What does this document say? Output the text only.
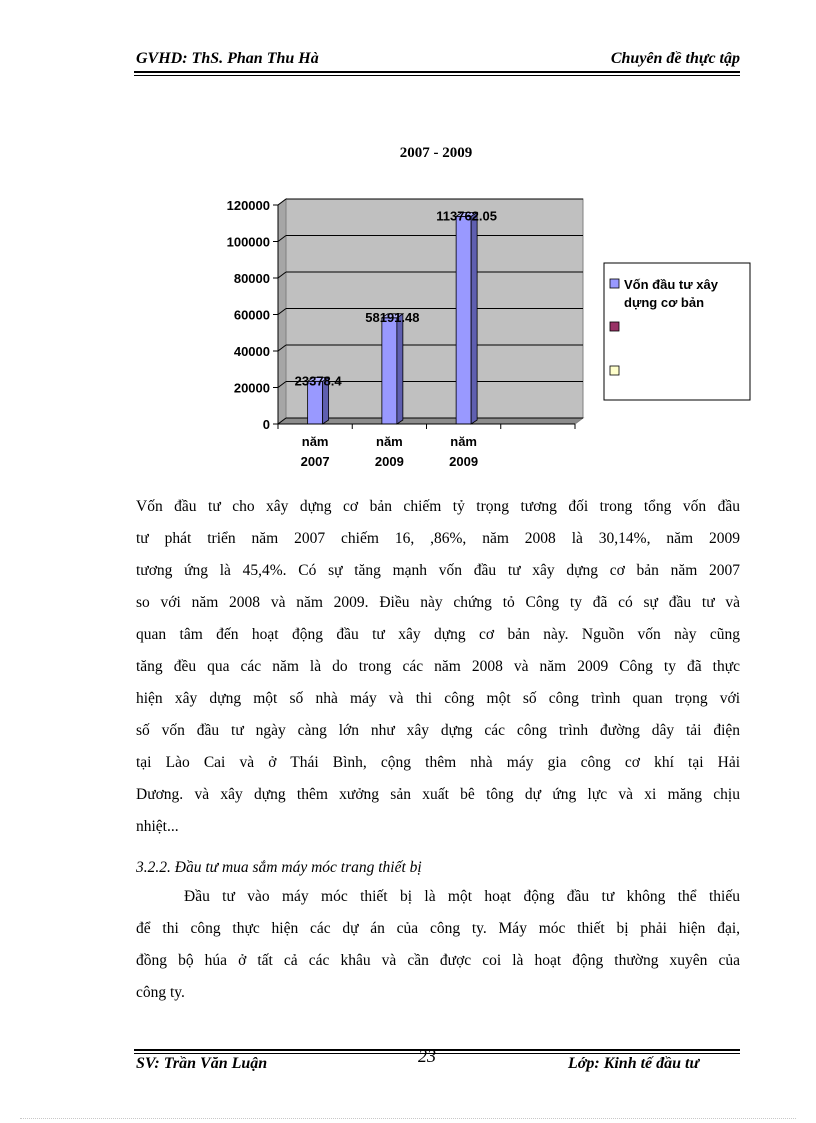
GVHD: ThS. Phan Thu Hà	Chuyên đề thực tập
2007 - 2009
0
20000
40000
60000
80000
100000
120000
năm
2007
năm
2009
năm
2009
23378.4
58191.48
113762.05
Vốn đầu tư xây dựng cơ bản
Vốn đầu tư cho xây dựng cơ bản chiếm tỷ trọng tương đối trong tổng vốn đầu
tư phát triển năm 2007 chiếm 16, ,86%, năm 2008 là 30,14%, năm 2009
tương ứng là 45,4%. Có sự tăng mạnh vốn đầu tư xây dựng cơ bản năm 2007
so với năm 2008 và năm 2009. Điều này chứng tỏ Công ty đã có sự đầu tư và
quan tâm đến hoạt động đầu tư xây dựng cơ bản này. Nguồn vốn này cũng
tăng đều qua các năm là do trong các năm 2008 và năm 2009 Công ty đã thực
hiện xây dựng một số nhà máy và thi công một số công trình quan trọng với
số vốn đầu tư ngày càng lớn như xây dựng các công trình đường dây tải điện
tại Lào Cai và ở Thái Bình, cộng thêm nhà máy gia công cơ khí tại Hải
Dương. và xây dựng thêm xưởng sản xuất bê tông dự ứng lực và xi măng chịu
nhiệt...
3.2.2. Đầu tư mua sắm máy móc trang thiết bị
Đầu tư vào máy móc thiết bị là một hoạt động đầu tư không thể thiếu
để thi công thực hiện các dự án của công ty. Máy móc thiết bị phải hiện đại,
đồng bộ húa ở tất cả các khâu và cần được coi là hoạt động thường xuyên của
công ty.
SV: Trần Văn Luận	23	Lớp: Kinh tế đầu tư
